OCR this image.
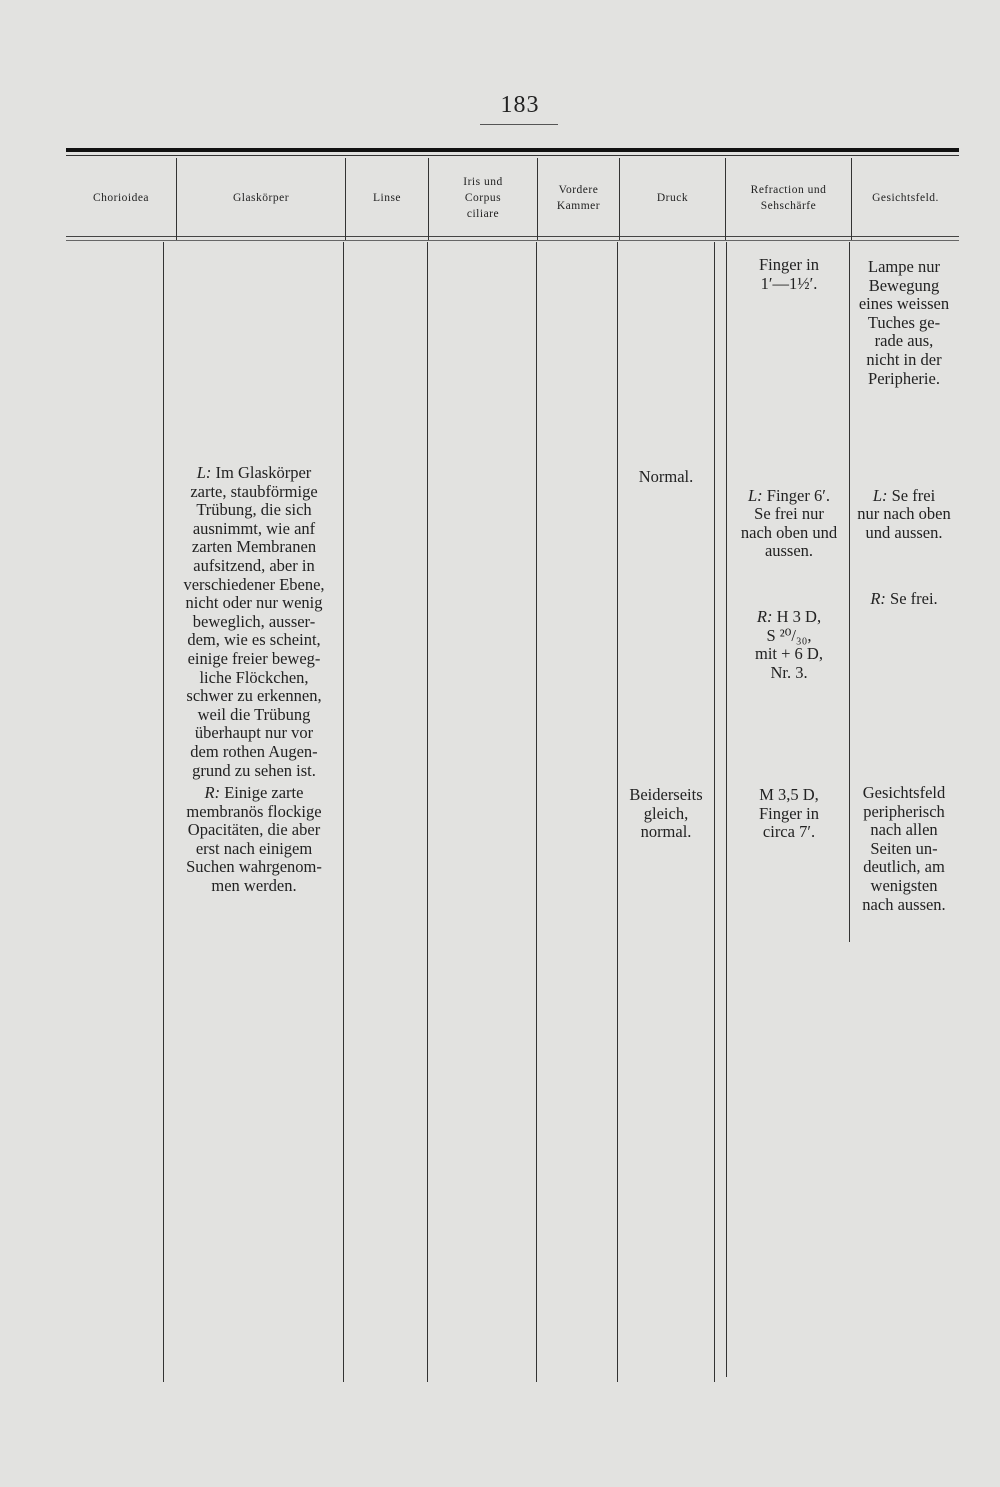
183
Chorioidea	Glaskörper	Linse
Iris und
Corpus
ciliare
Vordere
Kammer
Druck
Refraction und
Sehschärfe
Gesichtsfeld.
Finger in
1′—1½′.
Lampe nur
Bewegung
eines weissen
Tuches ge-
rade aus,
nicht in der
Peripherie.
L: Im Glaskörper
zarte, staubförmige
Trübung, die sich
ausnimmt, wie anf
zarten Membranen
aufsitzend, aber in
verschiedener Ebene,
nicht oder nur wenig
beweglich, ausser-
dem, wie es scheint,
einige freier beweg-
liche Flöckchen,
schwer zu erkennen,
weil die Trübung
überhaupt nur vor
dem rothen Augen-
grund zu sehen ist.
Normal.

L: Finger 6′.
Se frei nur
nach oben und
aussen.

R: H 3 D,
S ²⁰/₃₀,
mit + 6 D,
Nr. 3.

L: Se frei
nur nach oben
und aussen.

R: Se frei.

R: Einige zarte
membranös flockige
Opacitäten, die aber
erst nach einigem
Suchen wahrgenom-
men werden.
Beiderseits
gleich,
normal.
M 3,5 D,
Finger in
circa 7′.
Gesichtsfeld
peripherisch
nach allen
Seiten un-
deutlich, am
wenigsten
nach aussen.
